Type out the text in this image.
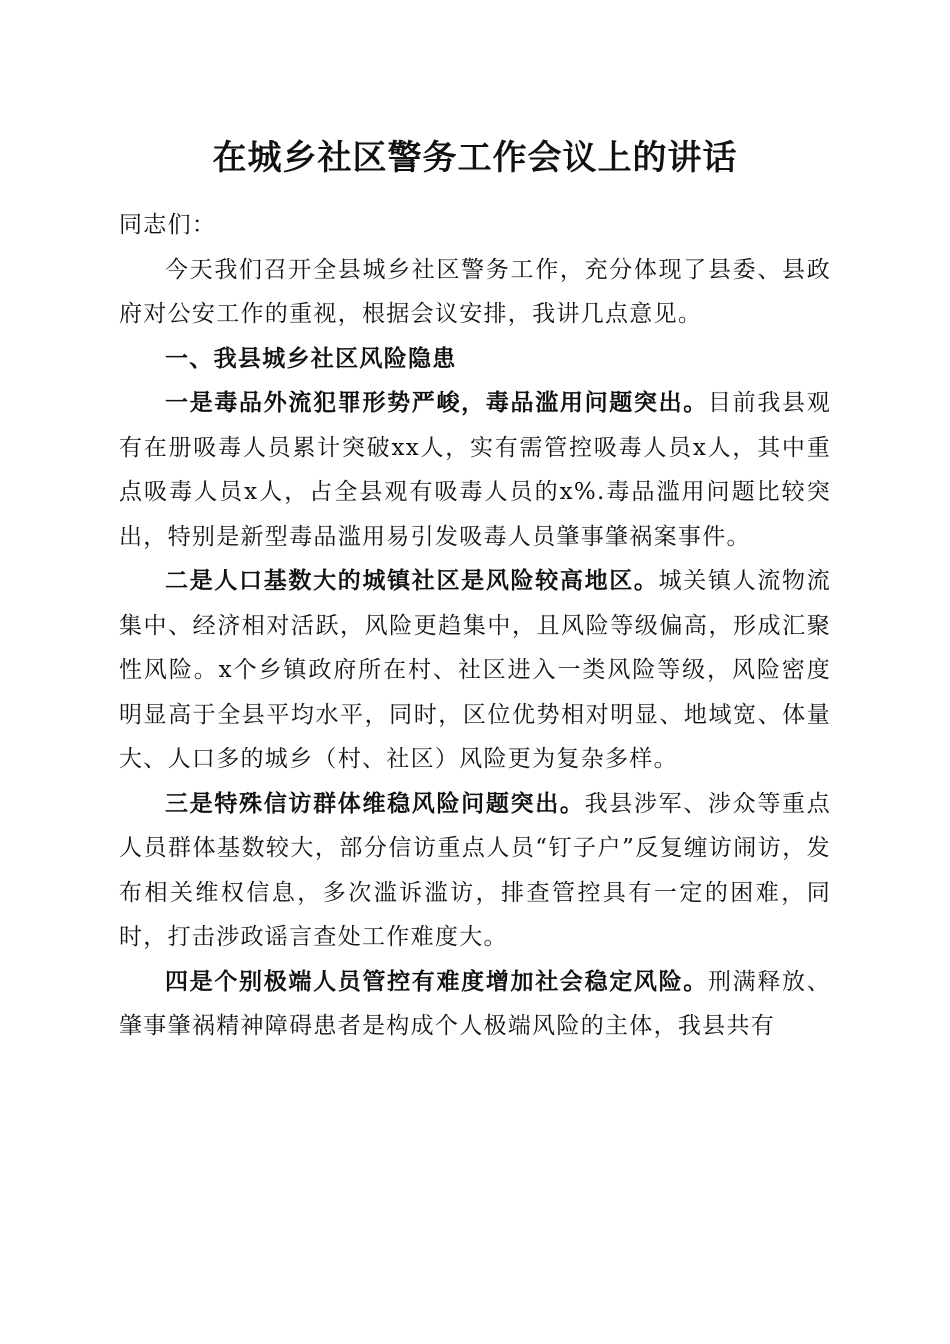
在城乡社区警务工作会议上的讲话

同志们：

今天我们召开全县城乡社区警务工作，充分体现了县委、县政府对公安工作的重视，根据会议安排，我讲几点意见。

一、我县城乡社区风险隐患

一是毒品外流犯罪形势严峻，毒品滥用问题突出。目前我县观有在册吸毒人员累计突破xx人，实有需管控吸毒人员x人，其中重点吸毒人员x人，占全县观有吸毒人员的x%.毒品滥用问题比较突出，特别是新型毒品滥用易引发吸毒人员肇事肇祸案事件。

二是人口基数大的城镇社区是风险较高地区。城关镇人流物流集中、经济相对活跃，风险更趋集中，且风险等级偏高，形成汇聚性风险。x个乡镇政府所在村、社区进入一类风险等级，风险密度明显高于全县平均水平，同时，区位优势相对明显、地域宽、体量大、人口多的城乡（村、社区）风险更为复杂多样。

三是特殊信访群体维稳风险问题突出。我县涉军、涉众等重点人员群体基数较大，部分信访重点人员“钉子户”反复缠访闹访，发布相关维权信息，多次滥诉滥访，排查管控具有一定的困难，同时，打击涉政谣言查处工作难度大。

四是个别极端人员管控有难度增加社会稳定风险。刑满释放、肇事肇祸精神障碍患者是构成个人极端风险的主体，我县共有
